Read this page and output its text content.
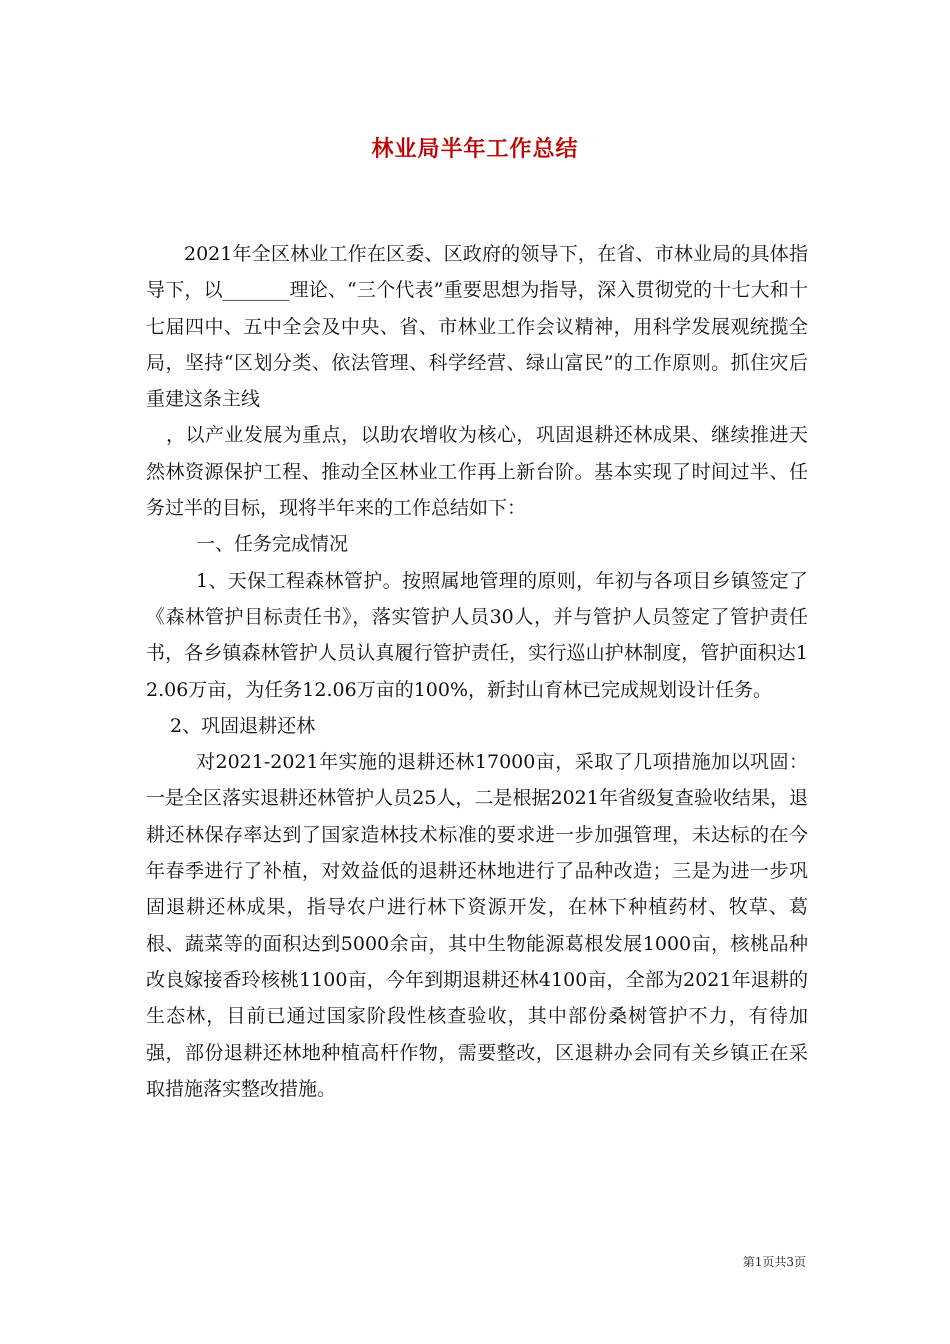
林业局半年工作总结

2021年全区林业工作在区委、区政府的领导下，在省、市林业局的具体指导下，以_______理论、“三个代表”重要思想为指导，深入贯彻党的十七大和十七届四中、五中全会及中央、省、市林业工作会议精神，用科学发展观统揽全局，坚持“区划分类、依法管理、科学经营、绿山富民”的工作原则。抓住灾后重建这条主线

，以产业发展为重点，以助农增收为核心，巩固退耕还林成果、继续推进天然林资源保护工程、推动全区林业工作再上新台阶。基本实现了时间过半、任务过半的目标，现将半年来的工作总结如下：

一、任务完成情况

1、天保工程森林管护。按照属地管理的原则，年初与各项目乡镇签定了《森林管护目标责任书》，落实管护人员30人，并与管护人员签定了管护责任书，各乡镇森林管护人员认真履行管护责任，实行巡山护林制度，管护面积达12.06万亩，为任务12.06万亩的100%，新封山育林已完成规划设计任务。

2、巩固退耕还林

对2021-2021年实施的退耕还林17000亩，采取了几项措施加以巩固：一是全区落实退耕还林管护人员25人，二是根据2021年省级复查验收结果，退耕还林保存率达到了国家造林技术标准的要求进一步加强管理，未达标的在今年春季进行了补植，对效益低的退耕还林地进行了品种改造；三是为进一步巩固退耕还林成果，指导农户进行林下资源开发，在林下种植药材、牧草、葛根、蔬菜等的面积达到5000余亩，其中生物能源葛根发展1000亩，核桃品种改良嫁接香玲核桃1100亩，今年到期退耕还林4100亩，全部为2021年退耕的生态林，目前已通过国家阶段性核查验收，其中部份桑树管护不力，有待加强，部份退耕还林地种植高杆作物，需要整改，区退耕办会同有关乡镇正在采取措施落实整改措施。

第1页共3页
